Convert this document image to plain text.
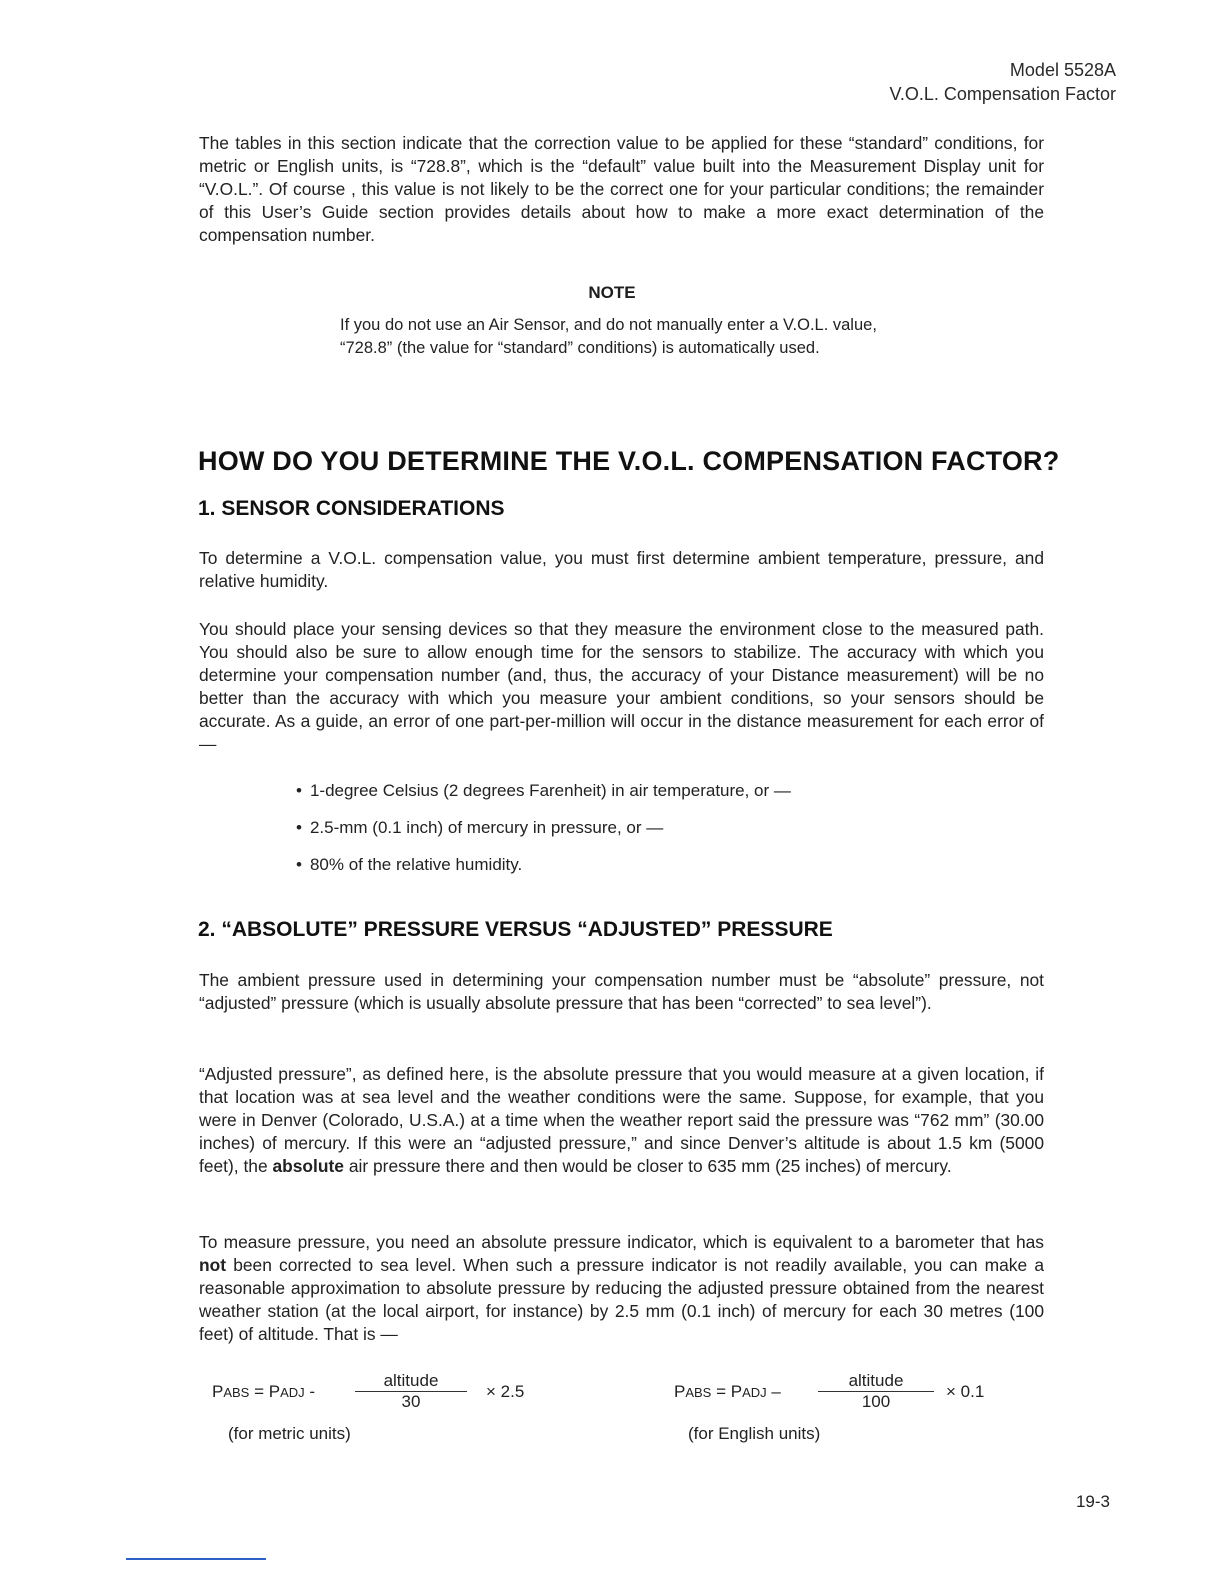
Model 5528A
V.O.L. Compensation Factor

The tables in this section indicate that the correction value to be applied for these “standard” conditions, for metric or English units, is “728.8”, which is the “default” value built into the Measurement Display unit for “V.O.L.”. Of course , this value is not likely to be the correct one for your particular conditions; the remainder of this User’s Guide section provides details about how to make a more exact determination of the compensation number.

NOTE

If you do not use an Air Sensor, and do not manually enter a V.O.L. value, “728.8” (the value for “standard” conditions) is automatically used.

HOW DO YOU DETERMINE THE V.O.L. COMPENSATION FACTOR?
1. SENSOR CONSIDERATIONS

To determine a V.O.L. compensation value, you must first determine ambient temperature, pressure, and relative humidity.

You should place your sensing devices so that they measure the environment close to the measured path. You should also be sure to allow enough time for the sensors to stabilize. The accuracy with which you determine your compensation number (and, thus, the accuracy of your Distance measurement) will be no better than the accuracy with which you measure your ambient conditions, so your sensors should be accurate. As a guide, an error of one part-per-million will occur in the distance measurement for each error of —

• 1-degree Celsius (2 degrees Farenheit) in air temperature, or —
• 2.5-mm (0.1 inch) of mercury in pressure, or —
• 80% of the relative humidity.
2. “ABSOLUTE” PRESSURE VERSUS “ADJUSTED” PRESSURE

The ambient pressure used in determining your compensation number must be “absolute” pressure, not “adjusted” pressure (which is usually absolute pressure that has been “corrected” to sea level”).

“Adjusted pressure”, as defined here, is the absolute pressure that you would measure at a given location, if that location was at sea level and the weather conditions were the same. Suppose, for example, that you were in Denver (Colorado, U.S.A.) at a time when the weather report said the pressure was “762 mm” (30.00 inches) of mercury. If this were an “adjusted pressure,” and since Denver’s altitude is about 1.5 km (5000 feet), the absolute air pressure there and then would be closer to 635 mm (25 inches) of mercury.

To measure pressure, you need an absolute pressure indicator, which is equivalent to a barometer that has not been corrected to sea level. When such a pressure indicator is not readily available, you can make a reasonable approximation to absolute pressure by reducing the adjusted pressure obtained from the nearest weather station (at the local airport, for instance) by 2.5 mm (0.1 inch) of mercury for each 30 metres (100 feet) of altitude. That is —

PABS = PADJ -
altitude
30
× 2.5
(for metric units)
PABS = PADJ –
altitude
100
× 0.1
(for English units)
19-3
